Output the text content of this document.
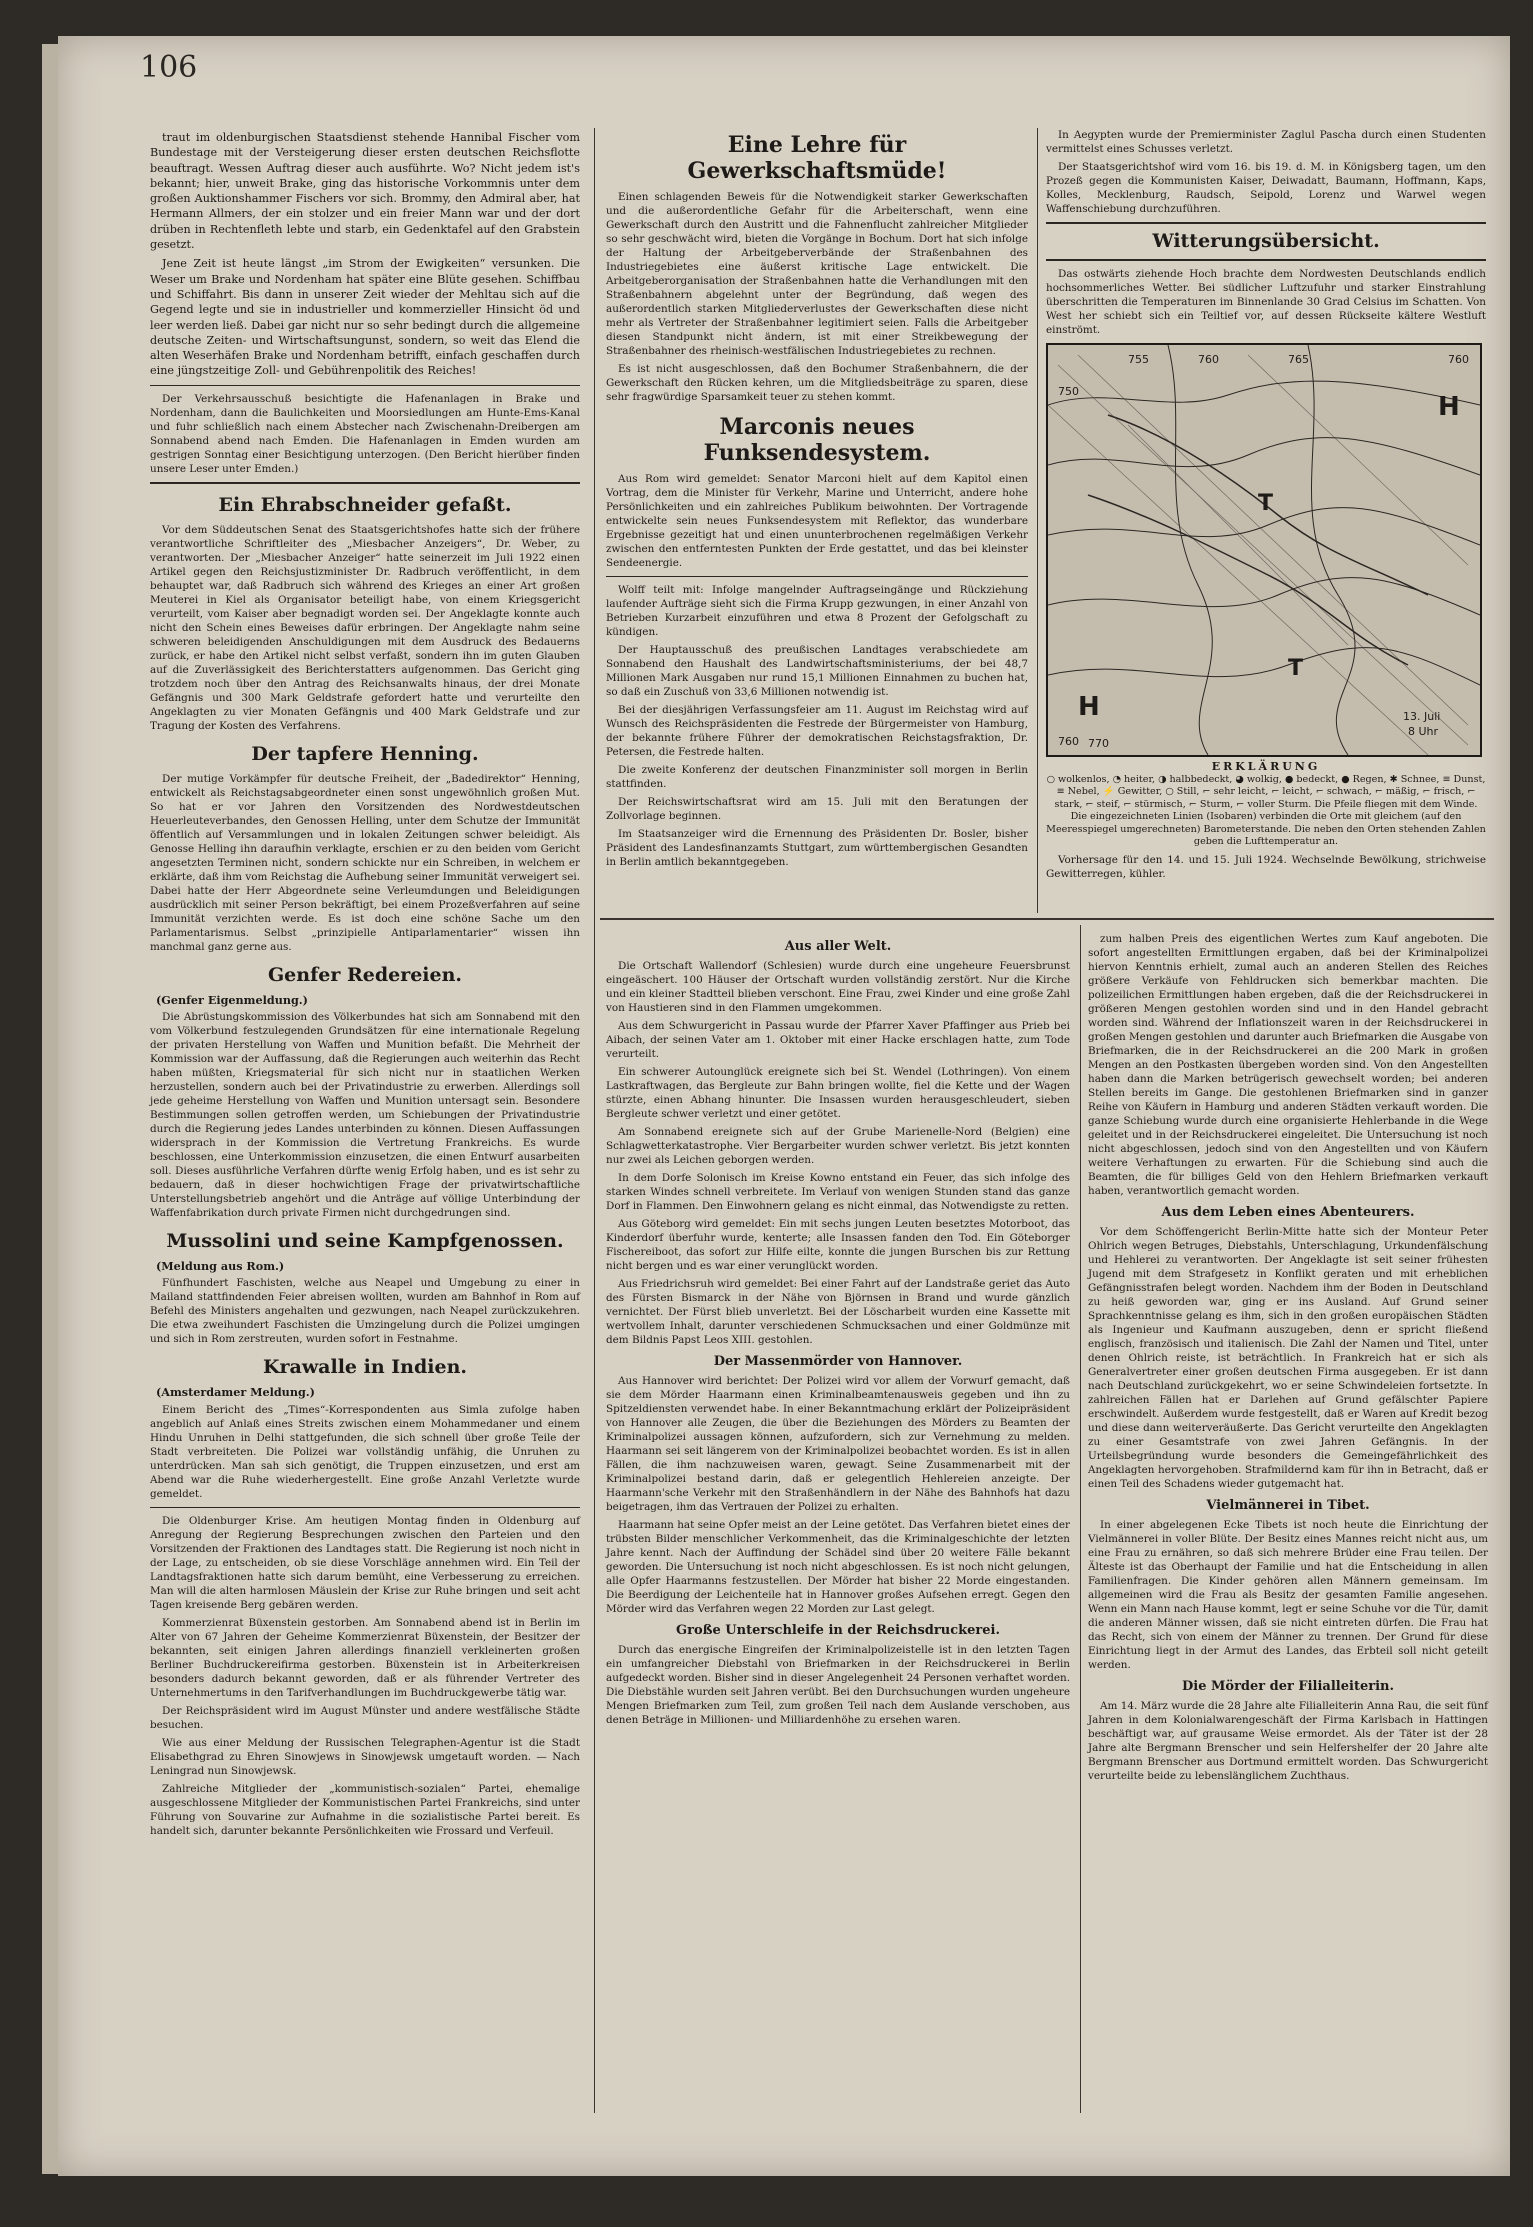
106

traut im oldenburgischen Staatsdienst stehende Hannibal Fischer vom Bundestage mit der Versteigerung dieser ersten deutschen Reichsflotte beauftragt. Wessen Auftrag dieser auch ausführte. Wo? Nicht jedem ist's bekannt; hier, unweit Brake, ging das historische Vorkommnis unter dem großen Auktionshammer Fischers vor sich. Brommy, den Admiral aber, hat Hermann Allmers, der ein stolzer und ein freier Mann war und der dort drüben in Rechtenfleth lebte und starb, ein Gedenktafel auf den Grabstein gesetzt.

Jene Zeit ist heute längst „im Strom der Ewigkeiten“ versunken. Die Weser um Brake und Nordenham hat später eine Blüte gesehen. Schiffbau und Schiffahrt. Bis dann in unserer Zeit wieder der Mehltau sich auf die Gegend legte und sie in industrieller und kommerzieller Hinsicht öd und leer werden ließ. Dabei gar nicht nur so sehr bedingt durch die allgemeine deutsche Zeiten- und Wirtschaftsungunst, sondern, so weit das Elend die alten Weserhäfen Brake und Nordenham betrifft, einfach geschaffen durch eine jüngstzeitige Zoll- und Gebührenpolitik des Reiches!

Der Verkehrsausschuß besichtigte die Hafenanlagen in Brake und Nordenham, dann die Baulichkeiten und Moorsiedlungen am Hunte-Ems-Kanal und fuhr schließlich nach einem Abstecher nach Zwischenahn-Dreibergen am Sonnabend abend nach Emden. Die Hafenanlagen in Emden wurden am gestrigen Sonntag einer Besichtigung unterzogen. (Den Bericht hierüber finden unsere Leser unter Emden.)

Ein Ehrabschneider gefaßt.

Vor dem Süddeutschen Senat des Staatsgerichtshofes hatte sich der frühere verantwortliche Schriftleiter des „Miesbacher Anzeigers“, Dr. Weber, zu verantworten. Der „Miesbacher Anzeiger“ hatte seinerzeit im Juli 1922 einen Artikel gegen den Reichsjustizminister Dr. Radbruch veröffentlicht, in dem behauptet war, daß Radbruch sich während des Krieges an einer Art großen Meuterei in Kiel als Organisator beteiligt habe, von einem Kriegsgericht verurteilt, vom Kaiser aber begnadigt worden sei. Der Angeklagte konnte auch nicht den Schein eines Beweises dafür erbringen. Der Angeklagte nahm seine schweren beleidigenden Anschuldigungen mit dem Ausdruck des Bedauerns zurück, er habe den Artikel nicht selbst verfaßt, sondern ihn im guten Glauben auf die Zuverlässigkeit des Berichterstatters aufgenommen. Das Gericht ging trotzdem noch über den Antrag des Reichsanwalts hinaus, der drei Monate Gefängnis und 300 Mark Geldstrafe gefordert hatte und verurteilte den Angeklagten zu vier Monaten Gefängnis und 400 Mark Geldstrafe und zur Tragung der Kosten des Verfahrens.

Der tapfere Henning.

Der mutige Vorkämpfer für deutsche Freiheit, der „Badedirektor“ Henning, entwickelt als Reichstagsabgeordneter einen sonst ungewöhnlich großen Mut. So hat er vor Jahren den Vorsitzenden des Nordwestdeutschen Heuerleuteverbandes, den Genossen Helling, unter dem Schutze der Immunität öffentlich auf Versammlungen und in lokalen Zeitungen schwer beleidigt. Als Genosse Helling ihn daraufhin verklagte, erschien er zu den beiden vom Gericht angesetzten Terminen nicht, sondern schickte nur ein Schreiben, in welchem er erklärte, daß ihm vom Reichstag die Aufhebung seiner Immunität verweigert sei. Dabei hatte der Herr Abgeordnete seine Verleumdungen und Beleidigungen ausdrücklich mit seiner Person bekräftigt, bei einem Prozeßverfahren auf seine Immunität verzichten werde. Es ist doch eine schöne Sache um den Parlamentarismus. Selbst „prinzipielle Antiparlamentarier“ wissen ihn manchmal ganz gerne aus.

Genfer Redereien.
(Genfer Eigenmeldung.)

Die Abrüstungskommission des Völkerbundes hat sich am Sonnabend mit den vom Völkerbund festzulegenden Grundsätzen für eine internationale Regelung der privaten Herstellung von Waffen und Munition befaßt. Die Mehrheit der Kommission war der Auffassung, daß die Regierungen auch weiterhin das Recht haben müßten, Kriegsmaterial für sich nicht nur in staatlichen Werken herzustellen, sondern auch bei der Privatindustrie zu erwerben. Allerdings soll jede geheime Herstellung von Waffen und Munition untersagt sein. Besondere Bestimmungen sollen getroffen werden, um Schiebungen der Privatindustrie durch die Regierung jedes Landes unterbinden zu können. Diesen Auffassungen widersprach in der Kommission die Vertretung Frankreichs. Es wurde beschlossen, eine Unterkommission einzusetzen, die einen Entwurf ausarbeiten soll. Dieses ausführliche Verfahren dürfte wenig Erfolg haben, und es ist sehr zu bedauern, daß in dieser hochwichtigen Frage der privatwirtschaftliche Unterstellungsbetrieb angehört und die Anträge auf völlige Unterbindung der Waffenfabrikation durch private Firmen nicht durchgedrungen sind.

Mussolini und seine Kampfgenossen.
(Meldung aus Rom.)

Fünfhundert Faschisten, welche aus Neapel und Umgebung zu einer in Mailand stattfindenden Feier abreisen wollten, wurden am Bahnhof in Rom auf Befehl des Ministers angehalten und gezwungen, nach Neapel zurückzukehren. Die etwa zweihundert Faschisten die Umzingelung durch die Polizei umgingen und sich in Rom zerstreuten, wurden sofort in Festnahme.

Krawalle in Indien.
(Amsterdamer Meldung.)

Einem Bericht des „Times“-Korrespondenten aus Simla zufolge haben angeblich auf Anlaß eines Streits zwischen einem Mohammedaner und einem Hindu Unruhen in Delhi stattgefunden, die sich schnell über große Teile der Stadt verbreiteten. Die Polizei war vollständig unfähig, die Unruhen zu unterdrücken. Man sah sich genötigt, die Truppen einzusetzen, und erst am Abend war die Ruhe wiederhergestellt. Eine große Anzahl Verletzte wurde gemeldet.

Die Oldenburger Krise. Am heutigen Montag finden in Oldenburg auf Anregung der Regierung Besprechungen zwischen den Parteien und den Vorsitzenden der Fraktionen des Landtages statt. Die Regierung ist noch nicht in der Lage, zu entscheiden, ob sie diese Vorschläge annehmen wird. Ein Teil der Landtagsfraktionen hatte sich darum bemüht, eine Verbesserung zu erreichen. Man will die alten harmlosen Mäuslein der Krise zur Ruhe bringen und seit acht Tagen kreisende Berg gebären werden.

Kommerzienrat Büxenstein gestorben. Am Sonnabend abend ist in Berlin im Alter von 67 Jahren der Geheime Kommerzienrat Büxenstein, der Besitzer der bekannten, seit einigen Jahren allerdings finanziell verkleinerten großen Berliner Buchdruckereifirma gestorben. Büxenstein ist in Arbeiterkreisen besonders dadurch bekannt geworden, daß er als führender Vertreter des Unternehmertums in den Tarifverhandlungen im Buchdruckgewerbe tätig war.

Der Reichspräsident wird im August Münster und andere westfälische Städte besuchen.

Wie aus einer Meldung der Russischen Telegraphen-Agentur ist die Stadt Elisabethgrad zu Ehren Sinowjews in Sinowjewsk umgetauft worden. — Nach Leningrad nun Sinowjewsk.

Zahlreiche Mitglieder der „kommunistisch-sozialen“ Partei, ehemalige ausgeschlossene Mitglieder der Kommunistischen Partei Frankreichs, sind unter Führung von Souvarine zur Aufnahme in die sozialistische Partei bereit. Es handelt sich, darunter bekannte Persönlichkeiten wie Frossard und Verfeuil.

Eine Lehre für Gewerkschaftsmüde!

Einen schlagenden Beweis für die Notwendigkeit starker Gewerkschaften und die außerordentliche Gefahr für die Arbeiterschaft, wenn eine Gewerkschaft durch den Austritt und die Fahnenflucht zahlreicher Mitglieder so sehr geschwächt wird, bieten die Vorgänge in Bochum. Dort hat sich infolge der Haltung der Arbeitgeberverbände der Straßenbahnen des Industriegebietes eine äußerst kritische Lage entwickelt. Die Arbeitgeberorganisation der Straßenbahnen hatte die Verhandlungen mit den Straßenbahnern abgelehnt unter der Begründung, daß wegen des außerordentlich starken Mitgliederverlustes der Gewerkschaften diese nicht mehr als Vertreter der Straßenbahner legitimiert seien. Falls die Arbeitgeber diesen Standpunkt nicht ändern, ist mit einer Streikbewegung der Straßenbahner des rheinisch-westfälischen Industriegebietes zu rechnen.

Es ist nicht ausgeschlossen, daß den Bochumer Straßenbahnern, die der Gewerkschaft den Rücken kehren, um die Mitgliedsbeiträge zu sparen, diese sehr fragwürdige Sparsamkeit teuer zu stehen kommt.

Marconis neues Funksendesystem.

Aus Rom wird gemeldet: Senator Marconi hielt auf dem Kapitol einen Vortrag, dem die Minister für Verkehr, Marine und Unterricht, andere hohe Persönlichkeiten und ein zahlreiches Publikum beiwohnten. Der Vortragende entwickelte sein neues Funksendesystem mit Reflektor, das wunderbare Ergebnisse gezeitigt hat und einen ununterbrochenen regelmäßigen Verkehr zwischen den entferntesten Punkten der Erde gestattet, und das bei kleinster Sendeenergie.

Wolff teilt mit: Infolge mangelnder Auftragseingänge und Rückziehung laufender Aufträge sieht sich die Firma Krupp gezwungen, in einer Anzahl von Betrieben Kurzarbeit einzuführen und etwa 8 Prozent der Gefolgschaft zu kündigen.

Der Hauptausschuß des preußischen Landtages verabschiedete am Sonnabend den Haushalt des Landwirtschaftsministeriums, der bei 48,7 Millionen Mark Ausgaben nur rund 15,1 Millionen Einnahmen zu buchen hat, so daß ein Zuschuß von 33,6 Millionen notwendig ist.

Bei der diesjährigen Verfassungsfeier am 11. August im Reichstag wird auf Wunsch des Reichspräsidenten die Festrede der Bürgermeister von Hamburg, der bekannte frühere Führer der demokratischen Reichstagsfraktion, Dr. Petersen, die Festrede halten.

Die zweite Konferenz der deutschen Finanzminister soll morgen in Berlin stattfinden.

Der Reichswirtschaftsrat wird am 15. Juli mit den Beratungen der Zollvorlage beginnen.

Im Staatsanzeiger wird die Ernennung des Präsidenten Dr. Bosler, bisher Präsident des Landesfinanzamts Stuttgart, zum württembergischen Gesandten in Berlin amtlich bekanntgegeben.

In Aegypten wurde der Premierminister Zaglul Pascha durch einen Studenten vermittelst eines Schusses verletzt.

Der Staatsgerichtshof wird vom 16. bis 19. d. M. in Königsberg tagen, um den Prozeß gegen die Kommunisten Kaiser, Deiwadatt, Baumann, Hoffmann, Kaps, Kolles, Mecklenburg, Raudsch, Seipold, Lorenz und Warwel wegen Waffenschiebung durchzuführen.

Witterungsübersicht.

Das ostwärts ziehende Hoch brachte dem Nordwesten Deutschlands endlich hochsommerliches Wetter. Bei südlicher Luftzufuhr und starker Einstrahlung überschritten die Temperaturen im Binnenlande 30 Grad Celsius im Schatten. Von West her schiebt sich ein Teiltief vor, auf dessen Rückseite kältere Westluft einströmt.

755	760	765	760
H
T
T
H	13. Juli
8 Uhr
770
750
760
ERKLÄRUNG
○ wolkenlos, ◔ heiter, ◑ halbbedeckt, ◕ wolkig, ● bedeckt, ● Regen, ✱ Schnee, ≡ Dunst, ≡ Nebel, ⚡ Gewitter, ○ Still, ⌐ sehr leicht, ⌐ leicht, ⌐ schwach, ⌐ mäßig, ⌐ frisch, ⌐ stark, ⌐ steif, ⌐ stürmisch, ⌐ Sturm, ⌐ voller Sturm. Die Pfeile fliegen mit dem Winde. Die eingezeichneten Linien (Isobaren) verbinden die Orte mit gleichem (auf den Meeresspiegel umgerechneten) Barometerstande. Die neben den Orten stehenden Zahlen geben die Lufttemperatur an.

Vorhersage für den 14. und 15. Juli 1924. Wechselnde Bewölkung, strichweise Gewitterregen, kühler.

Aus aller Welt.

Die Ortschaft Wallendorf (Schlesien) wurde durch eine ungeheure Feuersbrunst eingeäschert. 100 Häuser der Ortschaft wurden vollständig zerstört. Nur die Kirche und ein kleiner Stadtteil blieben verschont. Eine Frau, zwei Kinder und eine große Zahl von Haustieren sind in den Flammen umgekommen.

Aus dem Schwurgericht in Passau wurde der Pfarrer Xaver Pfaffinger aus Prieb bei Aibach, der seinen Vater am 1. Oktober mit einer Hacke erschlagen hatte, zum Tode verurteilt.

Ein schwerer Autounglück ereignete sich bei St. Wendel (Lothringen). Von einem Lastkraftwagen, das Bergleute zur Bahn bringen wollte, fiel die Kette und der Wagen stürzte, einen Abhang hinunter. Die Insassen wurden herausgeschleudert, sieben Bergleute schwer verletzt und einer getötet.

Am Sonnabend ereignete sich auf der Grube Marienelle-Nord (Belgien) eine Schlagwetterkatastrophe. Vier Bergarbeiter wurden schwer verletzt. Bis jetzt konnten nur zwei als Leichen geborgen werden.

In dem Dorfe Solonisch im Kreise Kowno entstand ein Feuer, das sich infolge des starken Windes schnell verbreitete. Im Verlauf von wenigen Stunden stand das ganze Dorf in Flammen. Den Einwohnern gelang es nicht einmal, das Notwendigste zu retten.

Aus Göteborg wird gemeldet: Ein mit sechs jungen Leuten besetztes Motorboot, das Kinderdorf überfuhr wurde, kenterte; alle Insassen fanden den Tod. Ein Göteborger Fischereiboot, das sofort zur Hilfe eilte, konnte die jungen Burschen bis zur Rettung nicht bergen und es war einer verunglückt worden.

Aus Friedrichsruh wird gemeldet: Bei einer Fahrt auf der Landstraße geriet das Auto des Fürsten Bismarck in der Nähe von Björnsen in Brand und wurde gänzlich vernichtet. Der Fürst blieb unverletzt. Bei der Löscharbeit wurden eine Kassette mit wertvollem Inhalt, darunter verschiedenen Schmucksachen und einer Goldmünze mit dem Bildnis Papst Leos XIII. gestohlen.

Der Massenmörder von Hannover.

Aus Hannover wird berichtet: Der Polizei wird vor allem der Vorwurf gemacht, daß sie dem Mörder Haarmann einen Kriminalbeamtenausweis gegeben und ihn zu Spitzeldiensten verwendet habe. In einer Bekanntmachung erklärt der Polizeipräsident von Hannover alle Zeugen, die über die Beziehungen des Mörders zu Beamten der Kriminalpolizei aussagen können, aufzufordern, sich zur Vernehmung zu melden. Haarmann sei seit längerem von der Kriminalpolizei beobachtet worden. Es ist in allen Fällen, die ihm nachzuweisen waren, gewagt. Seine Zusammenarbeit mit der Kriminalpolizei bestand darin, daß er gelegentlich Hehlereien anzeigte. Der Haarmann'sche Verkehr mit den Straßenhändlern in der Nähe des Bahnhofs hat dazu beigetragen, ihm das Vertrauen der Polizei zu erhalten.

Haarmann hat seine Opfer meist an der Leine getötet. Das Verfahren bietet eines der trübsten Bilder menschlicher Verkommenheit, das die Kriminalgeschichte der letzten Jahre kennt. Nach der Auffindung der Schädel sind über 20 weitere Fälle bekannt geworden. Die Untersuchung ist noch nicht abgeschlossen. Es ist noch nicht gelungen, alle Opfer Haarmanns festzustellen. Der Mörder hat bisher 22 Morde eingestanden. Die Beerdigung der Leichenteile hat in Hannover großes Aufsehen erregt. Gegen den Mörder wird das Verfahren wegen 22 Morden zur Last gelegt.

Große Unterschleife in der Reichsdruckerei.

Durch das energische Eingreifen der Kriminalpolizeistelle ist in den letzten Tagen ein umfangreicher Diebstahl von Briefmarken in der Reichsdruckerei in Berlin aufgedeckt worden. Bisher sind in dieser Angelegenheit 24 Personen verhaftet worden. Die Diebstähle wurden seit Jahren verübt. Bei den Durchsuchungen wurden ungeheure Mengen Briefmarken zum Teil, zum großen Teil nach dem Auslande verschoben, aus denen Beträge in Millionen- und Milliardenhöhe zu ersehen waren.

zum halben Preis des eigentlichen Wertes zum Kauf angeboten. Die sofort angestellten Ermittlungen ergaben, daß bei der Kriminalpolizei hiervon Kenntnis erhielt, zumal auch an anderen Stellen des Reiches größere Verkäufe von Fehldrucken sich bemerkbar machten. Die polizeilichen Ermittlungen haben ergeben, daß die der Reichsdruckerei in größeren Mengen gestohlen worden sind und in den Handel gebracht worden sind. Während der Inflationszeit waren in der Reichsdruckerei in großen Mengen gestohlen und darunter auch Briefmarken die Ausgabe von Briefmarken, die in der Reichsdruckerei an die 200 Mark in großen Mengen an den Postkasten übergeben worden sind. Von den Angestellten haben dann die Marken betrügerisch gewechselt worden; bei anderen Stellen bereits im Gange. Die gestohlenen Briefmarken sind in ganzer Reihe von Käufern in Hamburg und anderen Städten verkauft worden. Die ganze Schiebung wurde durch eine organisierte Hehlerbande in die Wege geleitet und in der Reichsdruckerei eingeleitet. Die Untersuchung ist noch nicht abgeschlossen, jedoch sind von den Angestellten und von Käufern weitere Verhaftungen zu erwarten. Für die Schiebung sind auch die Beamten, die für billiges Geld von den Hehlern Briefmarken verkauft haben, verantwortlich gemacht worden.

Aus dem Leben eines Abenteurers.

Vor dem Schöffengericht Berlin-Mitte hatte sich der Monteur Peter Ohlrich wegen Betruges, Diebstahls, Unterschlagung, Urkundenfälschung und Hehlerei zu verantworten. Der Angeklagte ist seit seiner frühesten Jugend mit dem Strafgesetz in Konflikt geraten und mit erheblichen Gefängnisstrafen belegt worden. Nachdem ihm der Boden in Deutschland zu heiß geworden war, ging er ins Ausland. Auf Grund seiner Sprachkenntnisse gelang es ihm, sich in den großen europäischen Städten als Ingenieur und Kaufmann auszugeben, denn er spricht fließend englisch, französisch und italienisch. Die Zahl der Namen und Titel, unter denen Ohlrich reiste, ist beträchtlich. In Frankreich hat er sich als Generalvertreter einer großen deutschen Firma ausgegeben. Er ist dann nach Deutschland zurückgekehrt, wo er seine Schwindeleien fortsetzte. In zahlreichen Fällen hat er Darlehen auf Grund gefälschter Papiere erschwindelt. Außerdem wurde festgestellt, daß er Waren auf Kredit bezog und diese dann weiterveräußerte. Das Gericht verurteilte den Angeklagten zu einer Gesamtstrafe von zwei Jahren Gefängnis. In der Urteilsbegründung wurde besonders die Gemeingefährlichkeit des Angeklagten hervorgehoben. Strafmildernd kam für ihn in Betracht, daß er einen Teil des Schadens wieder gutgemacht hat.

Vielmännerei in Tibet.

In einer abgelegenen Ecke Tibets ist noch heute die Einrichtung der Vielmännerei in voller Blüte. Der Besitz eines Mannes reicht nicht aus, um eine Frau zu ernähren, so daß sich mehrere Brüder eine Frau teilen. Der Älteste ist das Oberhaupt der Familie und hat die Entscheidung in allen Familienfragen. Die Kinder gehören allen Männern gemeinsam. Im allgemeinen wird die Frau als Besitz der gesamten Familie angesehen. Wenn ein Mann nach Hause kommt, legt er seine Schuhe vor die Tür, damit die anderen Männer wissen, daß sie nicht eintreten dürfen. Die Frau hat das Recht, sich von einem der Männer zu trennen. Der Grund für diese Einrichtung liegt in der Armut des Landes, das Erbteil soll nicht geteilt werden.

Die Mörder der Filialleiterin.

Am 14. März wurde die 28 Jahre alte Filialleiterin Anna Rau, die seit fünf Jahren in dem Kolonialwarengeschäft der Firma Karlsbach in Hattingen beschäftigt war, auf grausame Weise ermordet. Als der Täter ist der 28 Jahre alte Bergmann Brenscher und sein Helfershelfer der 20 Jahre alte Bergmann Brenscher aus Dortmund ermittelt worden. Das Schwurgericht verurteilte beide zu lebenslänglichem Zuchthaus.
